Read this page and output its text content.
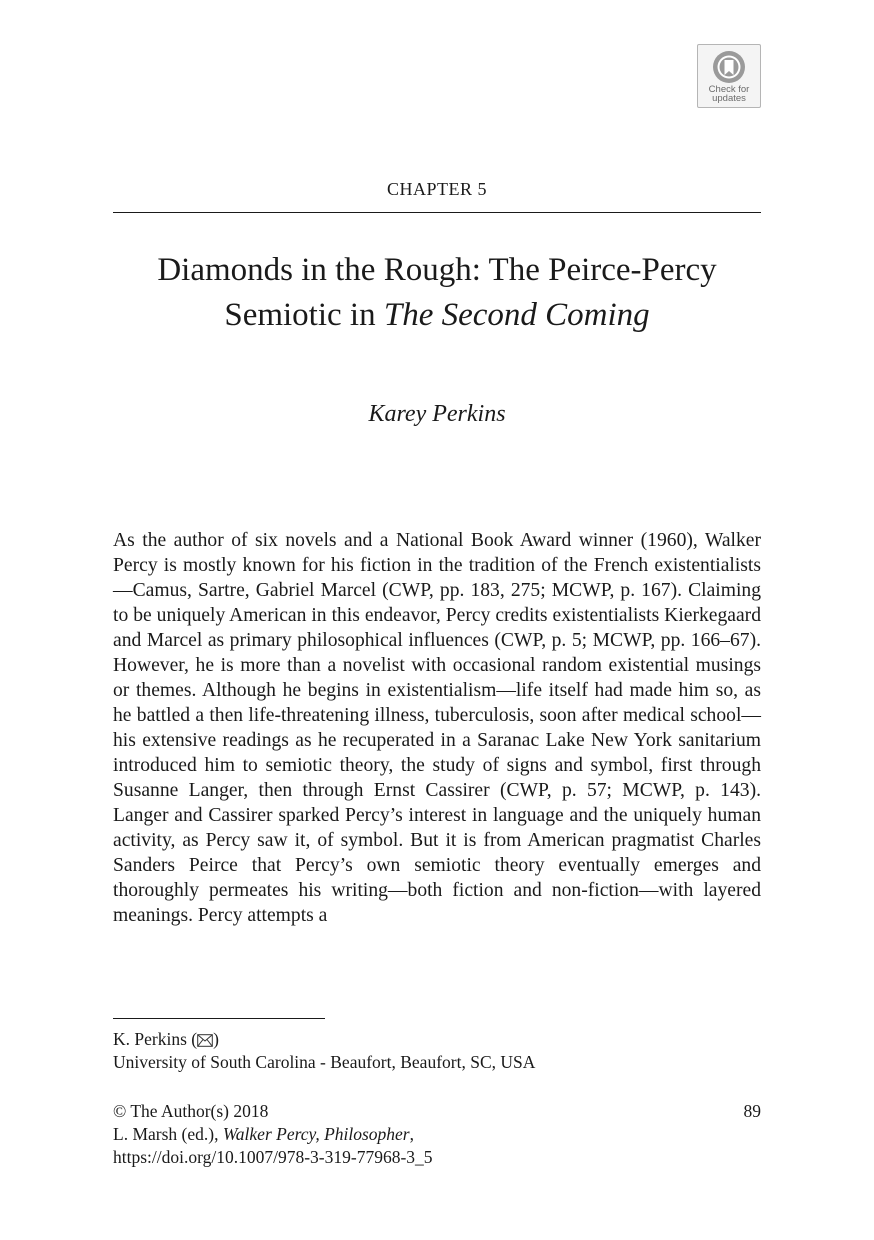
Check for
updates
CHAPTER 5
Diamonds in the Rough: The Peirce-Percy Semiotic in The Second Coming
Karey Perkins
As the author of six novels and a National Book Award winner (1960), Walker Percy is mostly known for his fiction in the tradition of the French existentialists—Camus, Sartre, Gabriel Marcel (CWP, pp. 183, 275; MCWP, p. 167). Claiming to be uniquely American in this endeavor, Percy credits existentialists Kierkegaard and Marcel as primary philosophical influences (CWP, p. 5; MCWP, pp. 166–67). However, he is more than a novelist with occasional random existential musings or themes. Although he begins in existentialism—life itself had made him so, as he battled a then life-threatening illness, tuberculosis, soon after medical school—his extensive readings as he recuperated in a Saranac Lake New York sanitarium introduced him to semiotic theory, the study of signs and symbol, first through Susanne Langer, then through Ernst Cassirer (CWP, p. 57; MCWP, p. 143). Langer and Cassirer sparked Percy’s interest in language and the uniquely human activity, as Percy saw it, of symbol. But it is from American pragmatist Charles Sanders Peirce that Percy’s own semiotic theory eventually emerges and thoroughly permeates his writing—both fiction and non-fiction—with layered meanings. Percy attempts a
K. Perkins ( )
University of South Carolina - Beaufort, Beaufort, SC, USA
© The Author(s) 2018	89
L. Marsh (ed.), Walker Percy, Philosopher,
https://doi.org/10.1007/978-3-319-77968-3_5
